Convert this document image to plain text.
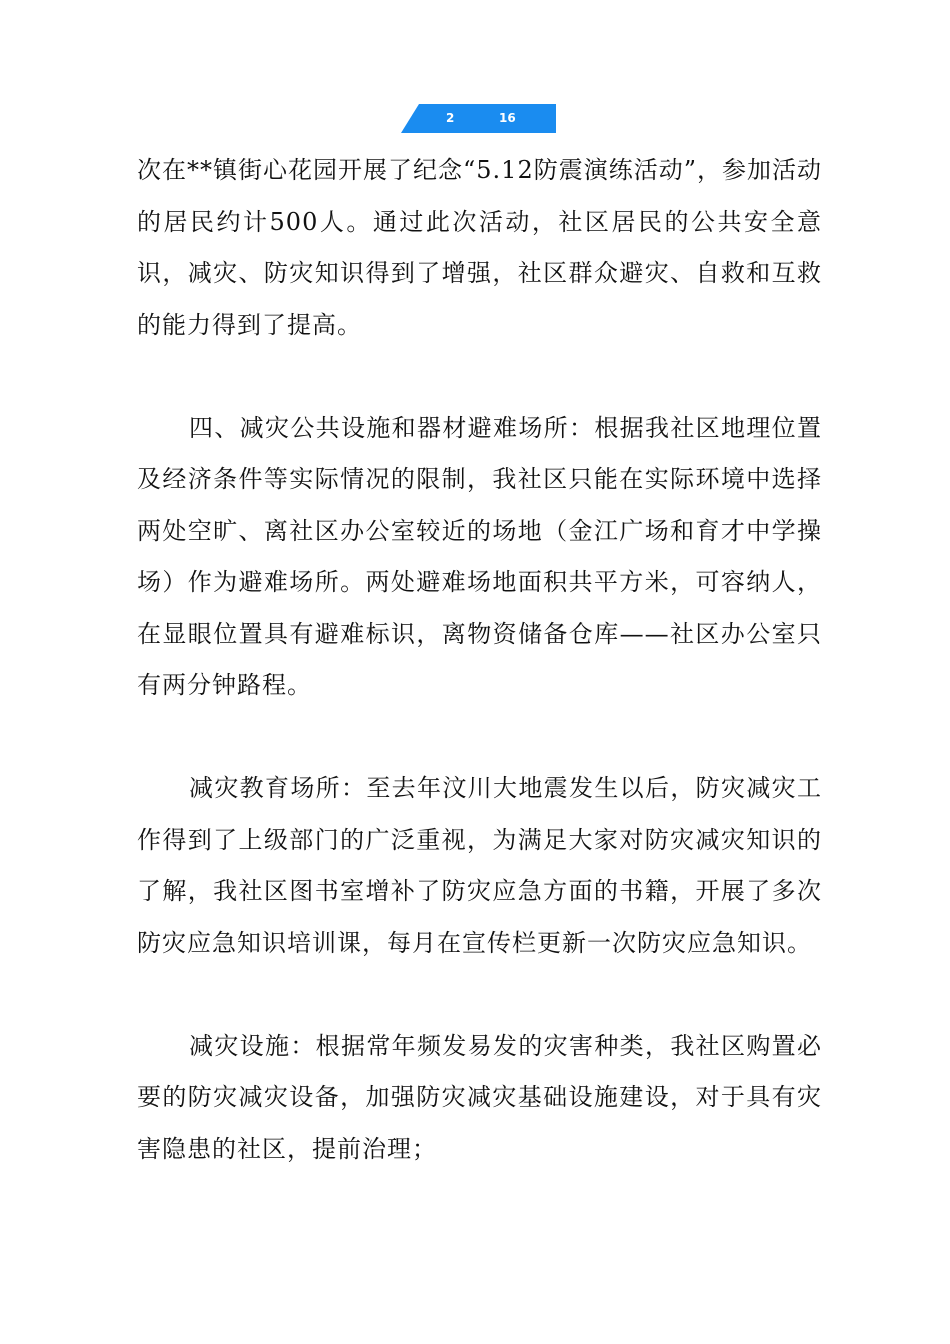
2	16

次在**镇街心花园开展了纪念“5.12防震演练活动”，参加活动的居民约计500人。通过此次活动，社区居民的公共安全意识，减灾、防灾知识得到了增强，社区群众避灾、自救和互救的能力得到了提高。

四、减灾公共设施和器材避难场所：根据我社区地理位置及经济条件等实际情况的限制，我社区只能在实际环境中选择两处空旷、离社区办公室较近的场地（金江广场和育才中学操场）作为避难场所。两处避难场地面积共平方米，可容纳人，在显眼位置具有避难标识，离物资储备仓库——社区办公室只有两分钟路程。

减灾教育场所：至去年汶川大地震发生以后，防灾减灾工作得到了上级部门的广泛重视，为满足大家对防灾减灾知识的了解，我社区图书室增补了防灾应急方面的书籍，开展了多次防灾应急知识培训课，每月在宣传栏更新一次防灾应急知识。

减灾设施：根据常年频发易发的灾害种类，我社区购置必要的防灾减灾设备，加强防灾减灾基础设施建设，对于具有灾害隐患的社区，提前治理；
